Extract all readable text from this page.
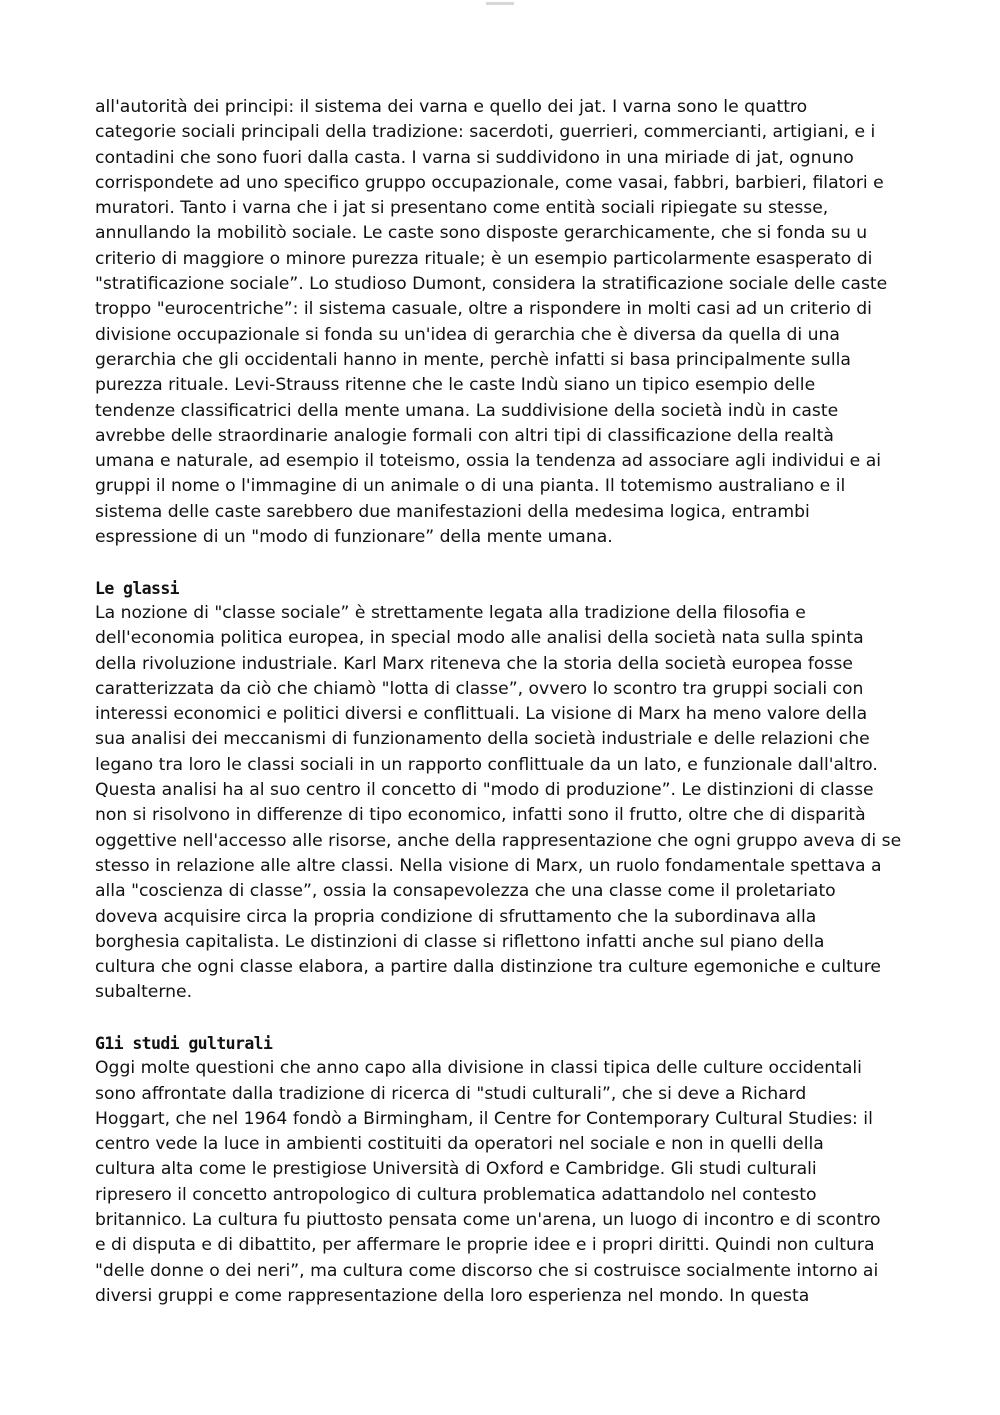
all'autorità dei principi: il sistema dei varna e quello dei jat. I varna sono le quattro
categorie sociali principali della tradizione: sacerdoti, guerrieri, commercianti, artigiani, e i
contadini che sono fuori dalla casta. I varna si suddividono in una miriade di jat, ognuno
corrispondete ad uno specifico gruppo occupazionale, come vasai, fabbri, barbieri, filatori e
muratori. Tanto i varna che i jat si presentano come entità sociali ripiegate su stesse,
annullando la mobilitò sociale. Le caste sono disposte gerarchicamente, che si fonda su u
criterio di maggiore o minore purezza rituale; è un esempio particolarmente esasperato di
"stratificazione sociale”. Lo studioso Dumont, considera la stratificazione sociale delle caste
troppo "eurocentriche”: il sistema casuale, oltre a rispondere in molti casi ad un criterio di
divisione occupazionale si fonda su un'idea di gerarchia che è diversa da quella di una
gerarchia che gli occidentali hanno in mente, perchè infatti si basa principalmente sulla
purezza rituale. Levi-Strauss ritenne che le caste Indù siano un tipico esempio delle
tendenze classificatrici della mente umana. La suddivisione della società indù in caste
avrebbe delle straordinarie analogie formali con altri tipi di classificazione della realtà
umana e naturale, ad esempio il toteismo, ossia la tendenza ad associare agli individui e ai
gruppi il nome o l'immagine di un animale o di una pianta. Il totemismo australiano e il
sistema delle caste sarebbero due manifestazioni della medesima logica, entrambi
espressione di un "modo di funzionare” della mente umana.
Le glassi
La nozione di "classe sociale” è strettamente legata alla tradizione della filosofia e
dell'economia politica europea, in special modo alle analisi della società nata sulla spinta
della rivoluzione industriale. Karl Marx riteneva che la storia della società europea fosse
caratterizzata da ciò che chiamò "lotta di classe”, ovvero lo scontro tra gruppi sociali con
interessi economici e politici diversi e conflittuali. La visione di Marx ha meno valore della
sua analisi dei meccanismi di funzionamento della società industriale e delle relazioni che
legano tra loro le classi sociali in un rapporto conflittuale da un lato, e funzionale dall'altro.
Questa analisi ha al suo centro il concetto di "modo di produzione”. Le distinzioni di classe
non si risolvono in differenze di tipo economico, infatti sono il frutto, oltre che di disparità
oggettive nell'accesso alle risorse, anche della rappresentazione che ogni gruppo aveva di se
stesso in relazione alle altre classi. Nella visione di Marx, un ruolo fondamentale spettava a
alla "coscienza di classe”, ossia la consapevolezza che una classe come il proletariato
doveva acquisire circa la propria condizione di sfruttamento che la subordinava alla
borghesia capitalista. Le distinzioni di classe si riflettono infatti anche sul piano della
cultura che ogni classe elabora, a partire dalla distinzione tra culture egemoniche e culture
subalterne.
G1i studi gulturali
Oggi molte questioni che anno capo alla divisione in classi tipica delle culture occidentali
sono affrontate dalla tradizione di ricerca di "studi culturali”, che si deve a Richard
Hoggart, che nel 1964 fondò a Birmingham, il Centre for Contemporary Cultural Studies: il
centro vede la luce in ambienti costituiti da operatori nel sociale e non in quelli della
cultura alta come le prestigiose Università di Oxford e Cambridge. Gli studi culturali
ripresero il concetto antropologico di cultura problematica adattandolo nel contesto
britannico. La cultura fu piuttosto pensata come un'arena, un luogo di incontro e di scontro
e di disputa e di dibattito, per affermare le proprie idee e i propri diritti. Quindi non cultura
"delle donne o dei neri”, ma cultura come discorso che si costruisce socialmente intorno ai
diversi gruppi e come rappresentazione della loro esperienza nel mondo. In questa
